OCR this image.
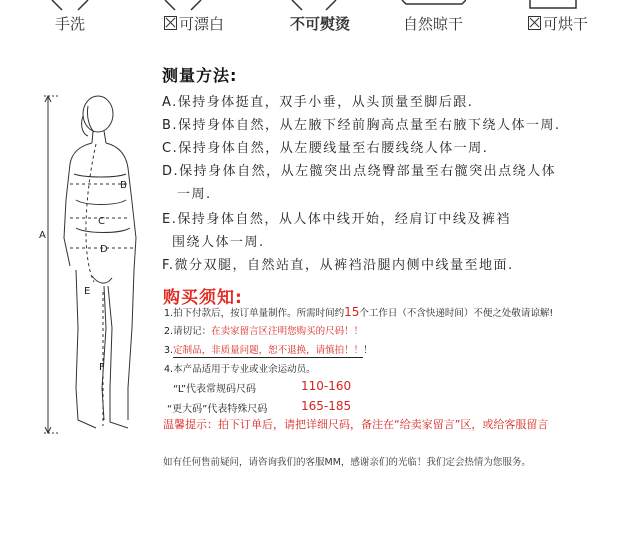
手洗	可漂白	不可熨烫	自然晾干	可烘干
A
B
C
D
E
F
测量方法:
A.保持身体挺直，双手小垂，从头顶量至脚后跟.
B.保持身体自然，从左腋下经前胸高点量至右腋下绕人体一周.
C.保持身体自然，从左腰线量至右腰线绕人体一周.
D.保持身体自然，从左髋突出点绕臀部量至右髋突出点绕人体
一周.
E.保持身体自然，从人体中线开始，经肩订中线及裤裆
围绕人体一周.
F.微分双腿，自然站直，从裤裆沿腿内侧中线量至地面.
购买须知:
1.拍下付款后，按订单量制作。所需时间约15个工作日（不含快递时间）不便之处敬请谅解!
2.请切记：在卖家留言区注明您购买的尺码！！
3.定制品，非质量问题，恕不退换，请慎拍！！！
4.本产品适用于专业或业余运动员。
“L”代表常规码尺码	110-160
“更大码”代表特殊尺码	165-185
温馨提示：拍下订单后，请把详细尺码，备注在“给卖家留言”区，或给客服留言
如有任何售前疑问，请咨询我们的客服MM，感谢亲们的光临！我们定会热情为您服务。
